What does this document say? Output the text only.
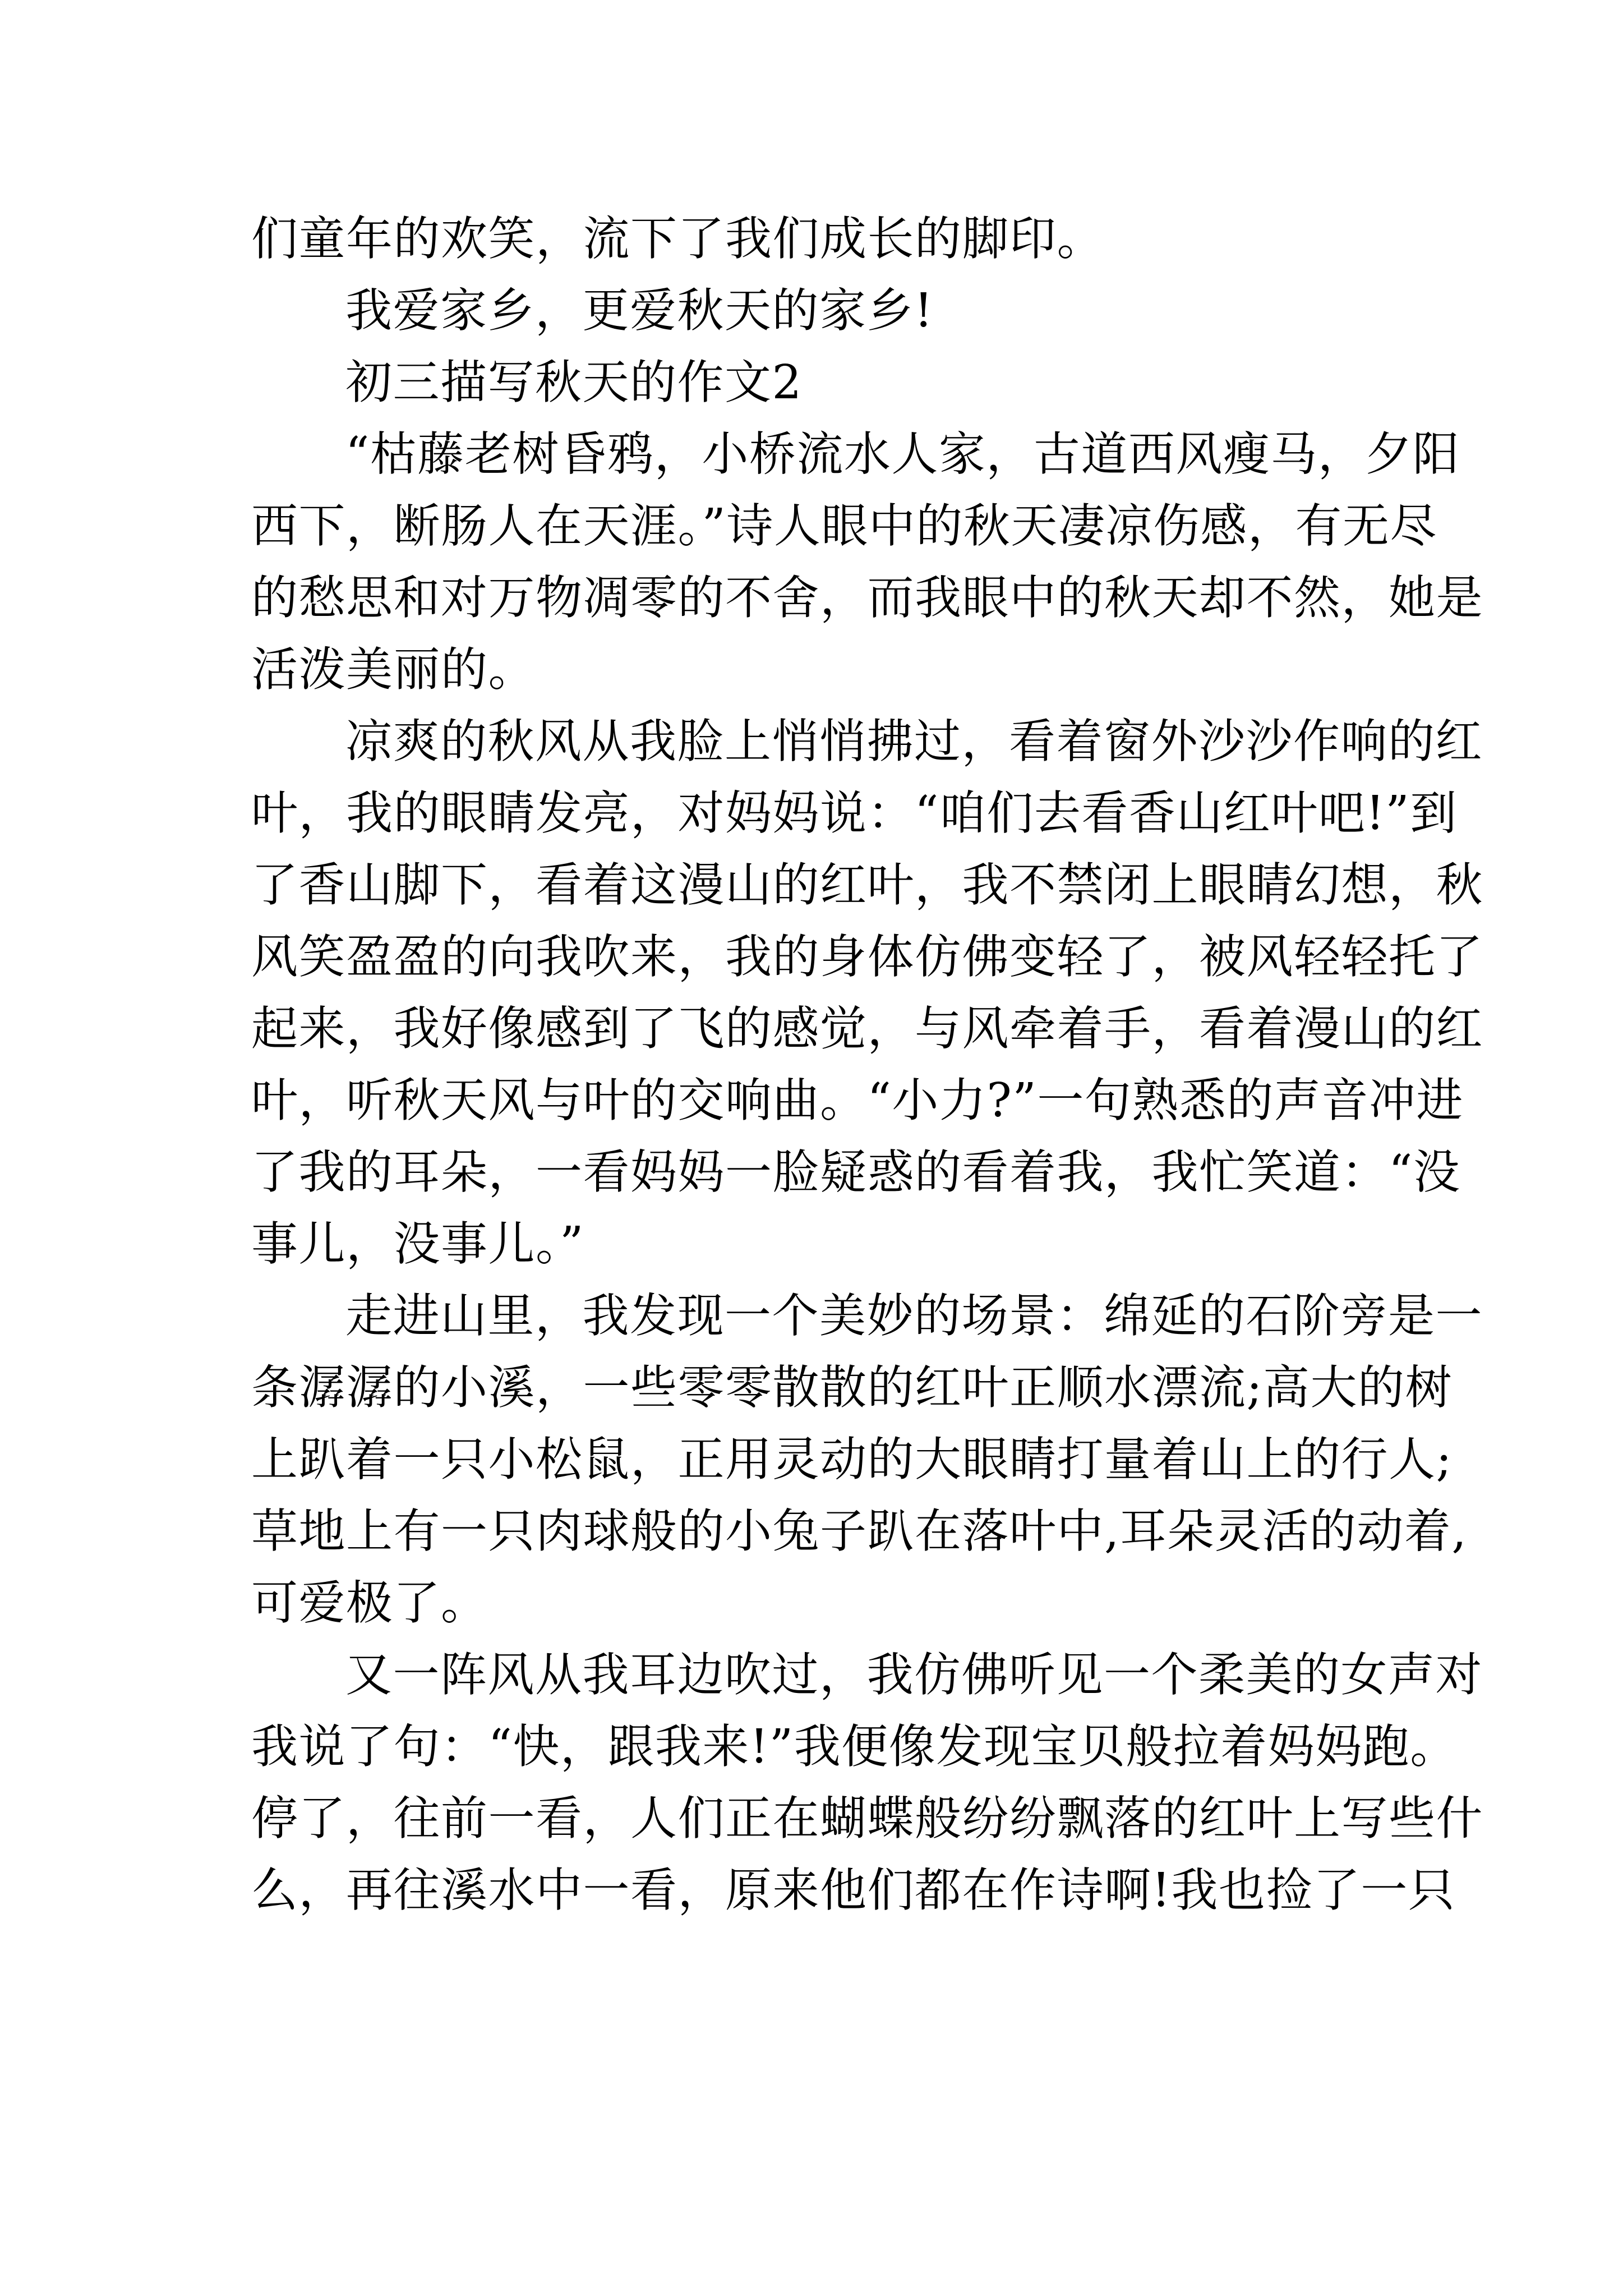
们童年的欢笑，流下了我们成长的脚印。
我爱家乡，更爱秋天的家乡!
初三描写秋天的作文2
“枯藤老树昏鸦，小桥流水人家，古道西风瘦马，夕阳
西下，断肠人在天涯。”诗人眼中的秋天凄凉伤感，有无尽
的愁思和对万物凋零的不舍，而我眼中的秋天却不然，她是
活泼美丽的。
凉爽的秋风从我脸上悄悄拂过，看着窗外沙沙作响的红
叶，我的眼睛发亮，对妈妈说：“咱们去看香山红叶吧!”到
了香山脚下，看着这漫山的红叶，我不禁闭上眼睛幻想，秋
风笑盈盈的向我吹来，我的身体仿佛变轻了，被风轻轻托了
起来，我好像感到了飞的感觉，与风牵着手，看着漫山的红
叶，听秋天风与叶的交响曲。“小力?”一句熟悉的声音冲进
了我的耳朵，一看妈妈一脸疑惑的看着我，我忙笑道：“没
事儿，没事儿。”
走进山里，我发现一个美妙的场景：绵延的石阶旁是一
条潺潺的小溪，一些零零散散的红叶正顺水漂流;高大的树
上趴着一只小松鼠，正用灵动的大眼睛打量着山上的行人;
草地上有一只肉球般的小兔子趴在落叶中,耳朵灵活的动着,
可爱极了。
又一阵风从我耳边吹过，我仿佛听见一个柔美的女声对
我说了句：“快，跟我来!”我便像发现宝贝般拉着妈妈跑。
停了，往前一看，人们正在蝴蝶般纷纷飘落的红叶上写些什
么，再往溪水中一看，原来他们都在作诗啊!我也捡了一只
